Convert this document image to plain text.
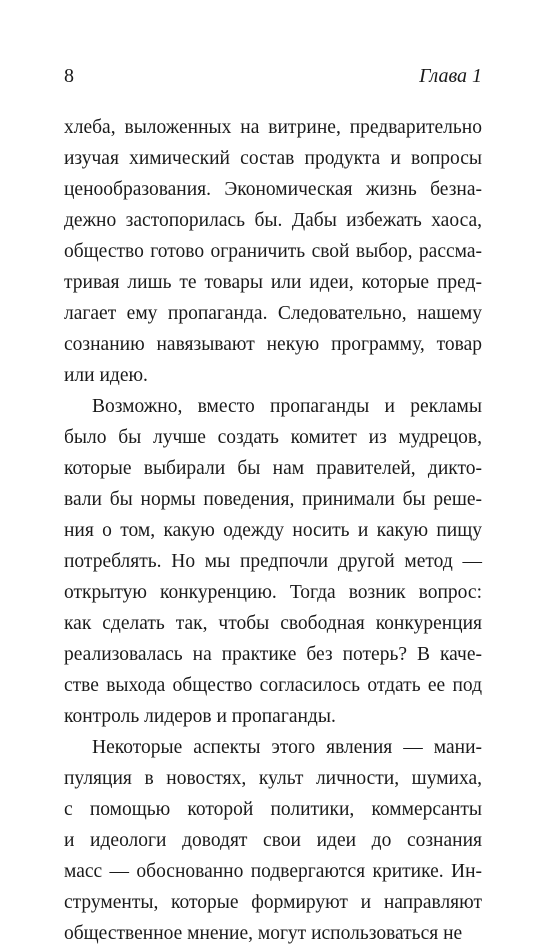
8	Глава 1
хлеба, выложенных на витрине, предварительно
изучая химический состав продукта и вопросы
ценообразования. Экономическая жизнь безна-
дежно застопорилась бы. Дабы избежать хаоса,
общество готово ограничить свой выбор, рассма-
тривая лишь те товары или идеи, которые пред-
лагает ему пропаганда. Следовательно, нашему
сознанию навязывают некую программу, товар
или идею.
Возможно, вместо пропаганды и рекламы
было бы лучше создать комитет из мудрецов,
которые выбирали бы нам правителей, дикто-
вали бы нормы поведения, принимали бы реше-
ния о том, какую одежду носить и какую пищу
потреблять. Но мы предпочли другой метод —
открытую конкуренцию. Тогда возник вопрос:
как сделать так, чтобы свободная конкуренция
реализовалась на практике без потерь? В каче-
стве выхода общество согласилось отдать ее под
контроль лидеров и пропаганды.
Некоторые аспекты этого явления — мани-
пуляция в новостях, культ личности, шумиха,
с помощью которой политики, коммерсанты
и идеологи доводят свои идеи до сознания
масс — обоснованно подвергаются критике. Ин-
струменты, которые формируют и направляют
общественное мнение, могут использоваться не
